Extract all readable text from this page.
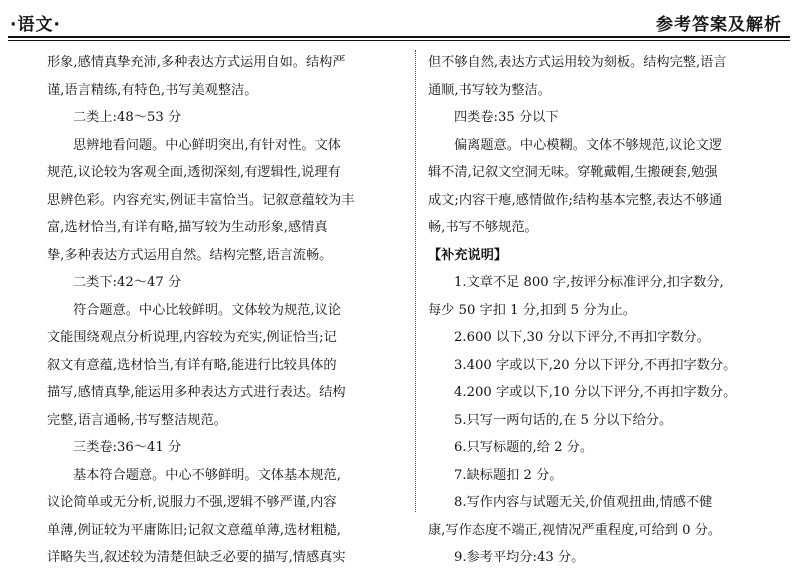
·语文·	参考答案及解析
形象,感情真挚充沛,多种表达方式运用自如。结构严
谨,语言精练,有特色,书写美观整洁。
二类上:48～53 分
思辨地看问题。中心鲜明突出,有针对性。文体
规范,议论较为客观全面,透彻深刻,有逻辑性,说理有
思辨色彩。内容充实,例证丰富恰当。记叙意蕴较为丰
富,选材恰当,有详有略,描写较为生动形象,感情真
挚,多种表达方式运用自然。结构完整,语言流畅。
二类下:42～47 分
符合题意。中心比较鲜明。文体较为规范,议论
文能围绕观点分析说理,内容较为充实,例证恰当;记
叙文有意蕴,选材恰当,有详有略,能进行比较具体的
描写,感情真挚,能运用多种表达方式进行表达。结构
完整,语言通畅,书写整洁规范。
三类卷:36～41 分
基本符合题意。中心不够鲜明。文体基本规范,
议论简单或无分析,说服力不强,逻辑不够严谨,内容
单薄,例证较为平庸陈旧;记叙文意蕴单薄,选材粗糙,
详略失当,叙述较为清楚但缺乏必要的描写,情感真实
但不够自然,表达方式运用较为刻板。结构完整,语言
通顺,书写较为整洁。
四类卷:35 分以下
偏离题意。中心模糊。文体不够规范,议论文逻
辑不清,记叙文空洞无味。穿靴戴帽,生搬硬套,勉强
成文;内容干瘪,感情做作;结构基本完整,表达不够通
畅,书写不够规范。
【补充说明】
1.文章不足 800 字,按评分标准评分,扣字数分,
每少 50 字扣 1 分,扣到 5 分为止。
2.600 以下,30 分以下评分,不再扣字数分。
3.400 字或以下,20 分以下评分,不再扣字数分。
4.200 字或以下,10 分以下评分,不再扣字数分。
5.只写一两句话的,在 5 分以下给分。
6.只写标题的,给 2 分。
7.缺标题扣 2 分。
8.写作内容与试题无关,价值观扭曲,情感不健
康,写作态度不端正,视情况严重程度,可给到 0 分。
9.参考平均分:43 分。
